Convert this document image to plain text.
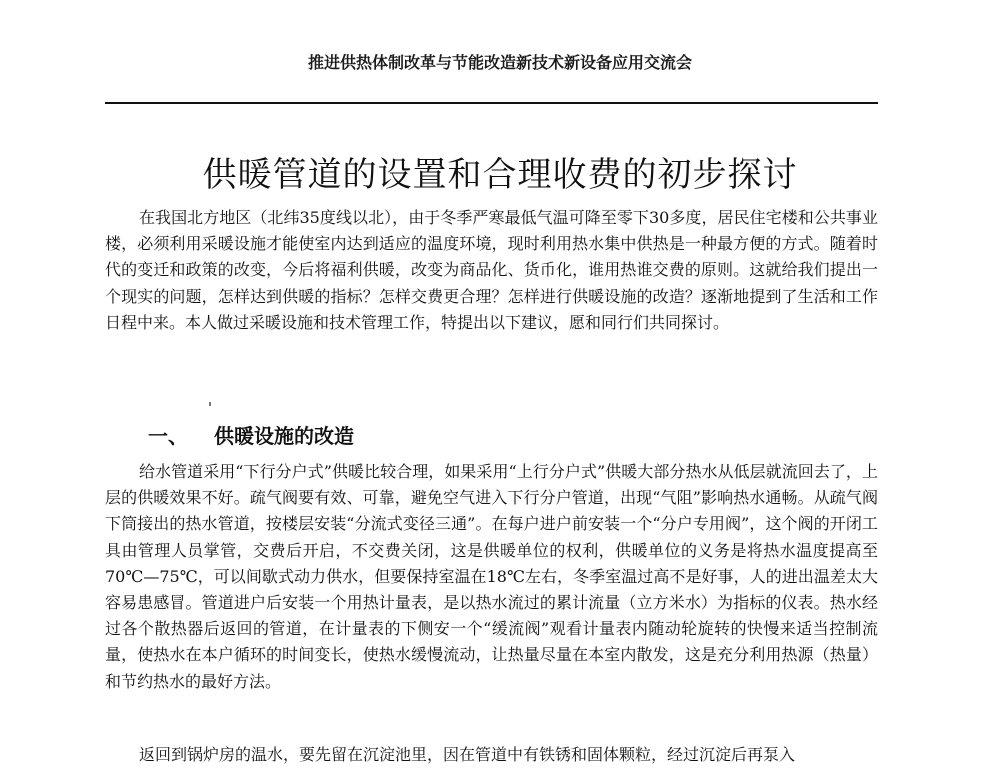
推进供热体制改革与节能改造新技术新设备应用交流会
供暖管道的设置和合理收费的初步探讨

在我国北方地区（北纬35度线以北），由于冬季严寒最低气温可降至零下30多度，居民住宅楼和公共事业楼，必须利用采暖设施才能使室内达到适应的温度环境，现时利用热水集中供热是一种最方便的方式。随着时代的变迁和政策的改变，今后将福利供暖，改变为商品化、货币化，谁用热谁交费的原则。这就给我们提出一个现实的问题，怎样达到供暖的指标？怎样交费更合理？怎样进行供暖设施的改造？逐渐地提到了生活和工作日程中来。本人做过采暖设施和技术管理工作，特提出以下建议，愿和同行们共同探讨。

一、 供暖设施的改造

给水管道采用“下行分户式”供暖比较合理，如果采用“上行分户式”供暖大部分热水从低层就流回去了，上层的供暖效果不好。疏气阀要有效、可靠，避免空气进入下行分户管道，出现“气阻”影响热水通畅。从疏气阀下筒接出的热水管道，按楼层安装“分流式变径三通”。在每户进户前安装一个“分户专用阀”，这个阀的开闭工具由管理人员掌管，交费后开启，不交费关闭，这是供暖单位的权利，供暖单位的义务是将热水温度提高至70℃—75℃，可以间歇式动力供水，但要保持室温在18℃左右，冬季室温过高不是好事，人的进出温差太大容易患感冒。管道进户后安装一个用热计量表，是以热水流过的累计流量（立方米水）为指标的仪表。热水经过各个散热器后返回的管道，在计量表的下侧安一个“缓流阀”观看计量表内随动轮旋转的快慢来适当控制流量，使热水在本户循环的时间变长，使热水缓慢流动，让热量尽量在本室内散发，这是充分利用热源（热量）和节约热水的最好方法。

返回到锅炉房的温水，要先留在沉淀池里，因在管道中有铁锈和固体颗粒，经过沉淀后再泵入
